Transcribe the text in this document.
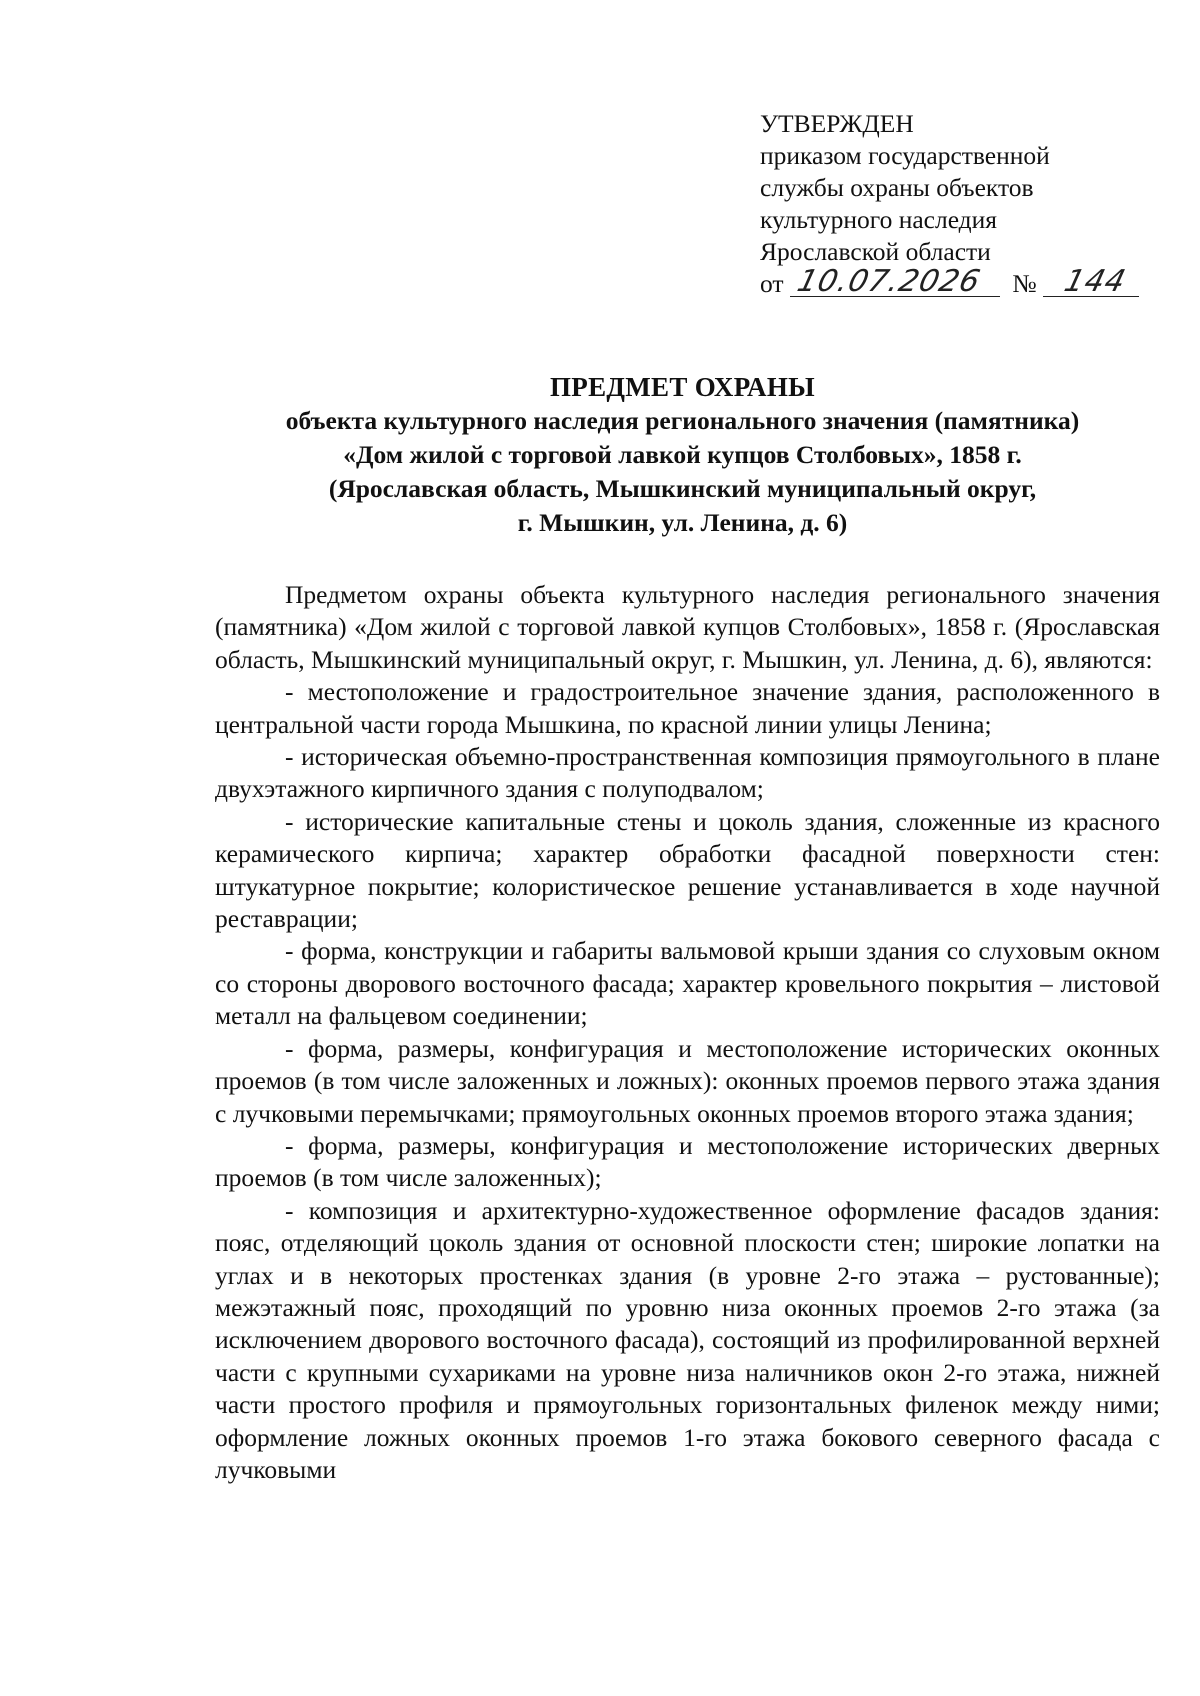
УТВЕРЖДЕН
приказом государственной
службы охраны объектов
культурного наследия
Ярославской области
от 10.07.2026 № 144
ПРЕДМЕТ ОХРАНЫ
объекта культурного наследия регионального значения (памятника)
«Дом жилой с торговой лавкой купцов Столбовых», 1858 г.
(Ярославская область, Мышкинский муниципальный округ,
г. Мышкин, ул. Ленина, д. 6)

Предметом охраны объекта культурного наследия регионального значения (памятника) «Дом жилой с торговой лавкой купцов Столбовых», 1858 г. (Ярославская область, Мышкинский муниципальный округ, г. Мышкин, ул. Ленина, д. 6), являются:

- местоположение и градостроительное значение здания, расположенного в центральной части города Мышкина, по красной линии улицы Ленина;

- историческая объемно-пространственная композиция прямоугольного в плане двухэтажного кирпичного здания с полуподвалом;

- исторические капитальные стены и цоколь здания, сложенные из красного керамического кирпича; характер обработки фасадной поверхности стен: штукатурное покрытие; колористическое решение устанавливается в ходе научной реставрации;

- форма, конструкции и габариты вальмовой крыши здания со слуховым окном со стороны дворового восточного фасада; характер кровельного покрытия – листовой металл на фальцевом соединении;

- форма, размеры, конфигурация и местоположение исторических оконных проемов (в том числе заложенных и ложных): оконных проемов первого этажа здания с лучковыми перемычками; прямоугольных оконных проемов второго этажа здания;

- форма, размеры, конфигурация и местоположение исторических дверных проемов (в том числе заложенных);

- композиция и архитектурно-художественное оформление фасадов здания: пояс, отделяющий цоколь здания от основной плоскости стен; широкие лопатки на углах и в некоторых простенках здания (в уровне 2-го этажа – рустованные); межэтажный пояс, проходящий по уровню низа оконных проемов 2-го этажа (за исключением дворового восточного фасада), состоящий из профилированной верхней части с крупными сухариками на уровне низа наличников окон 2-го этажа, нижней части простого профиля и прямоугольных горизонтальных филенок между ними; оформление ложных оконных проемов 1-го этажа бокового северного фасада с лучковыми
